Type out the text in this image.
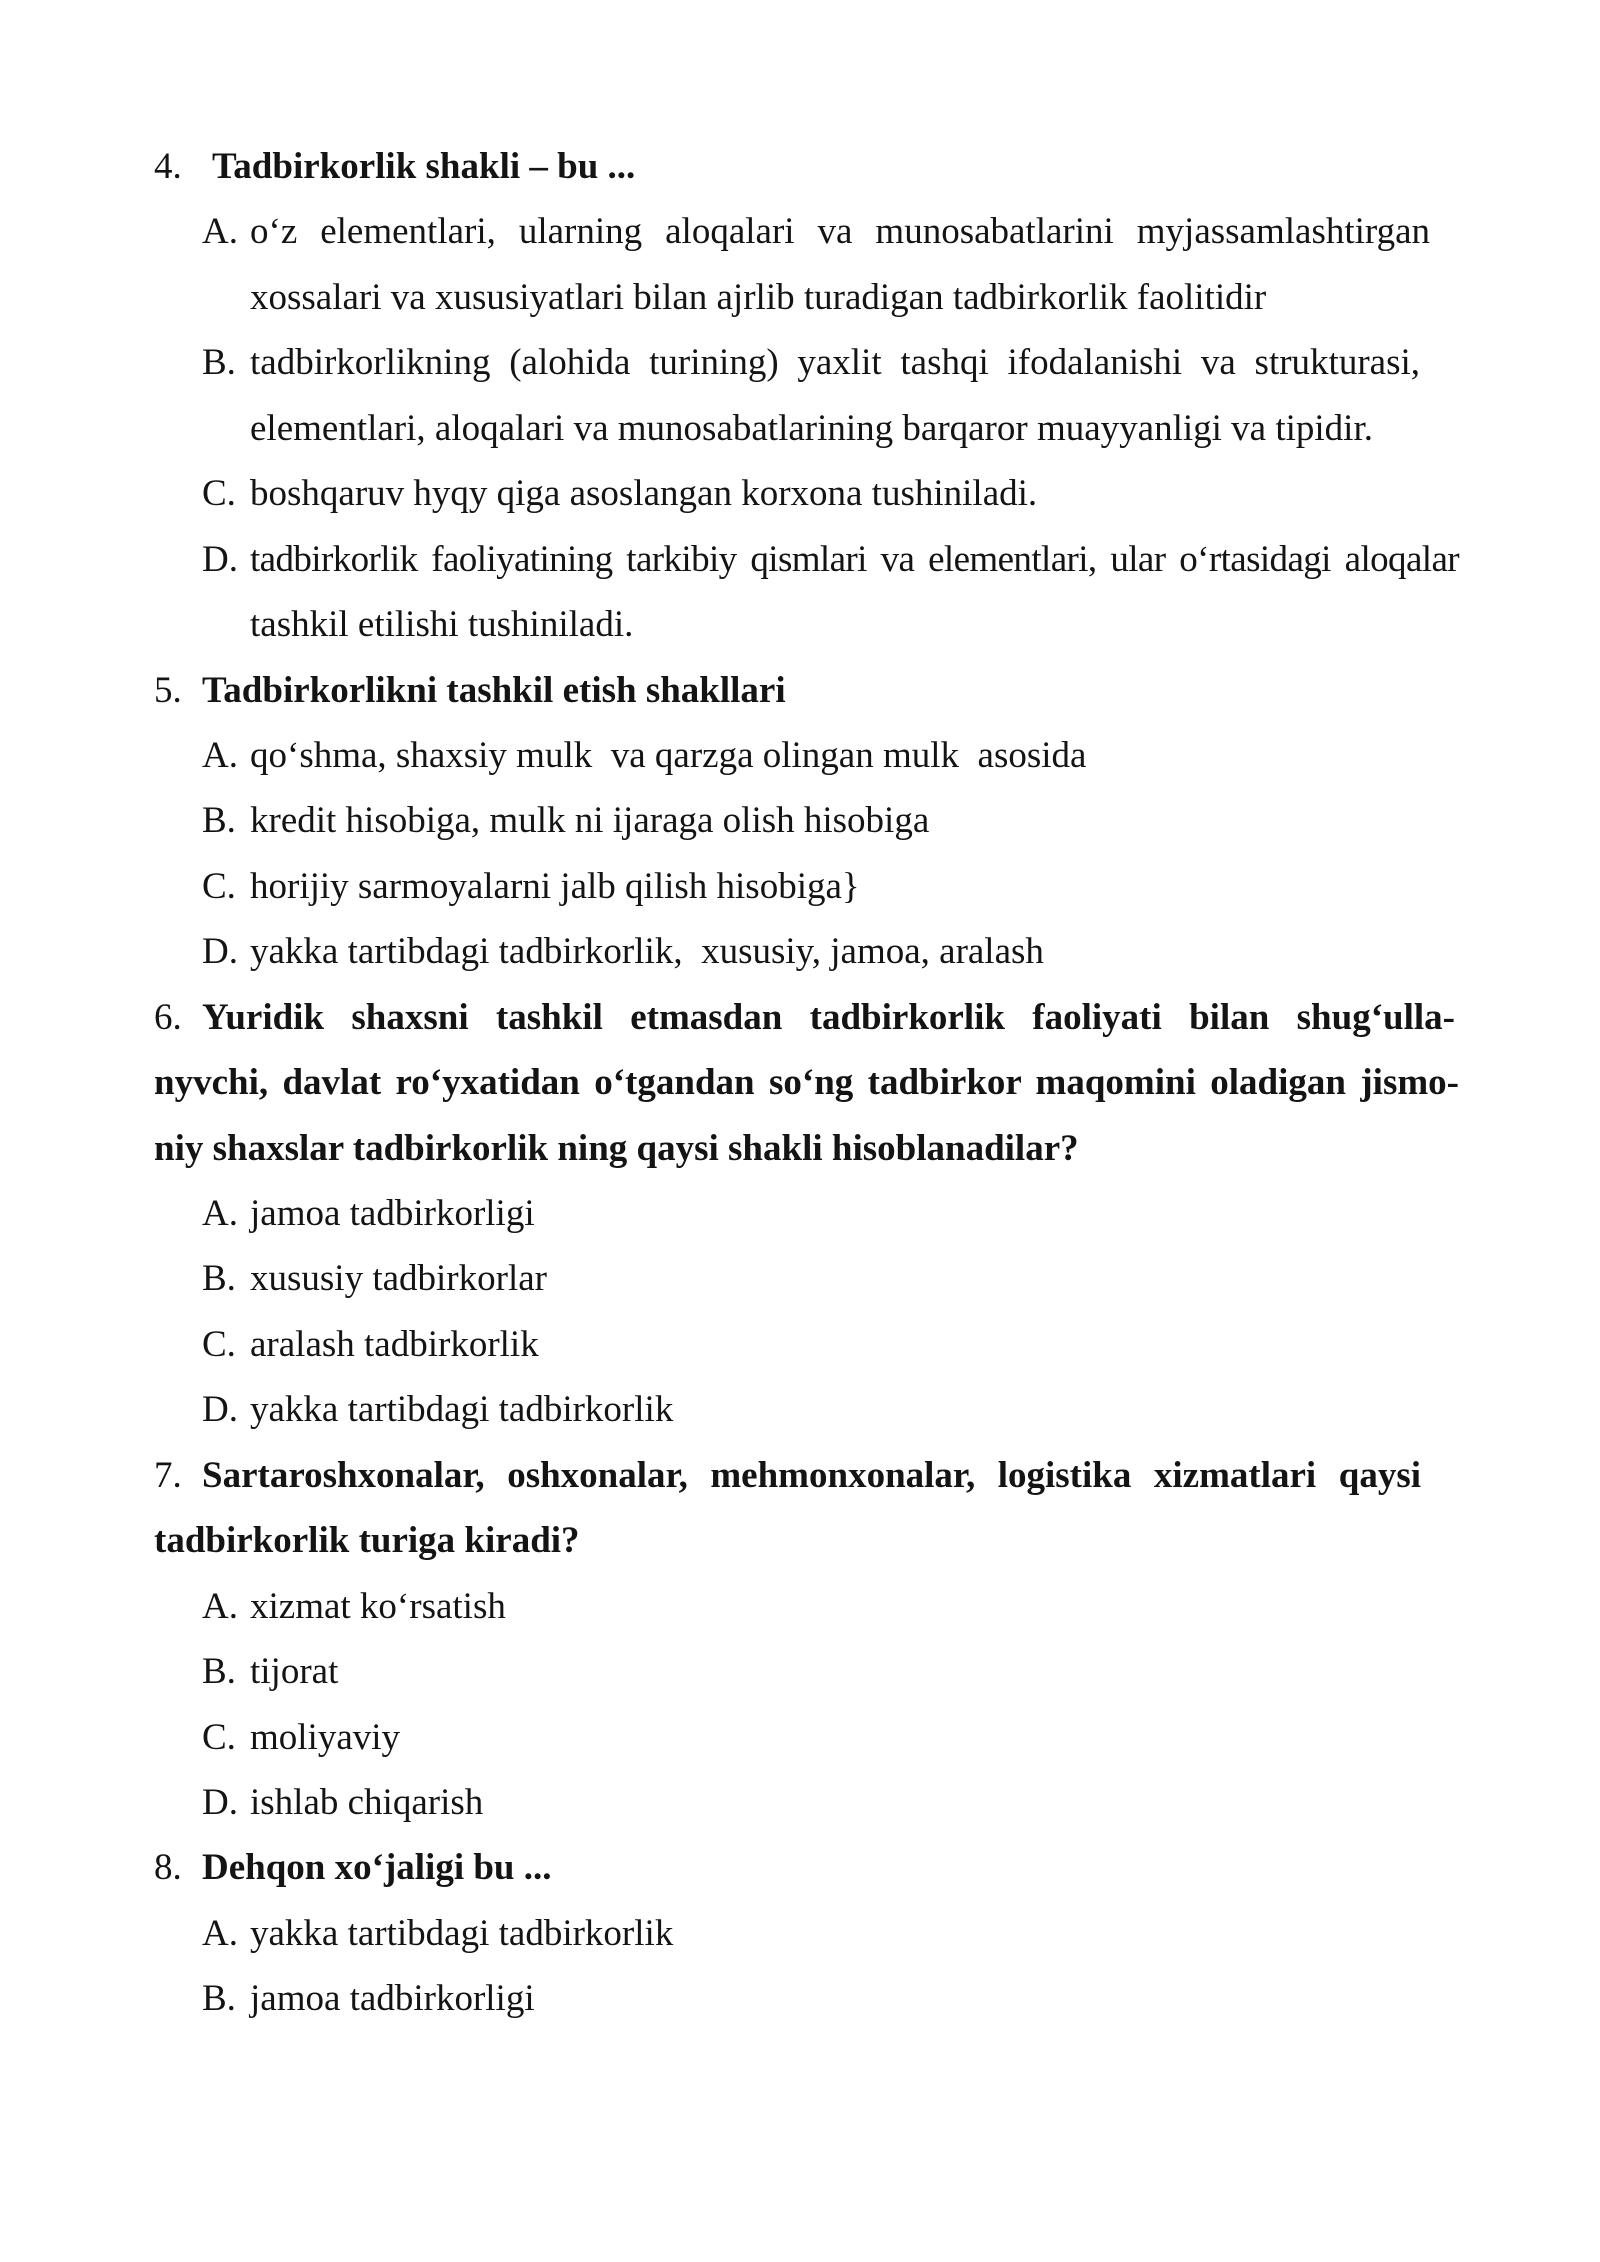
4. Tadbirkorlik shakli – bu ...
A. o‘z elementlari, ularning aloqalari va munosabatlarini myjassamlashtirgan
xossalari va xususiyatlari bilan ajrlib turadigan tadbirkorlik faolitidir
B. tadbirkorlikning (alohida turining) yaxlit tashqi ifodalanishi va strukturasi,
elementlari, aloqalari va munosabatlarining barqaror muayyanligi va tipidir.
C. boshqaruv hyqy qiga asoslangan korxona tushiniladi.
D. tadbirkorlik faoliyatining tarkibiy qismlari va elementlari, ular o‘rtasidagi aloqalar
tashkil etilishi tushiniladi.
5. Tadbirkorlikni tashkil etish shakllari
A. qo‘shma, shaxsiy mulk  va qarzga olingan mulk  asosida
B. kredit hisobiga, mulk ni ijaraga olish hisobiga
C. horijiy sarmoyalarni jalb qilish hisobiga}
D. yakka tartibdagi tadbirkorlik,  xususiy, jamoa, aralash
6. Yuridik shaxsni tashkil etmasdan tadbirkorlik faoliyati bilan shug‘ulla-
nyvchi, davlat ro‘yxatidan o‘tgandan so‘ng tadbirkor maqomini oladigan jismo-
niy shaxslar tadbirkorlik ning qaysi shakli hisoblanadilar?
A. jamoa tadbirkorligi
B. xususiy tadbirkorlar
C. aralash tadbirkorlik
D. yakka tartibdagi tadbirkorlik
7. Sartaroshxonalar, oshxonalar, mehmonxonalar, logistika xizmatlari qaysi
tadbirkorlik turiga kiradi?
A. xizmat ko‘rsatish
B. tijorat
C. moliyaviy
D. ishlab chiqarish
8. Dehqon xo‘jaligi bu ...
A. yakka tartibdagi tadbirkorlik
B. jamoa tadbirkorligi
